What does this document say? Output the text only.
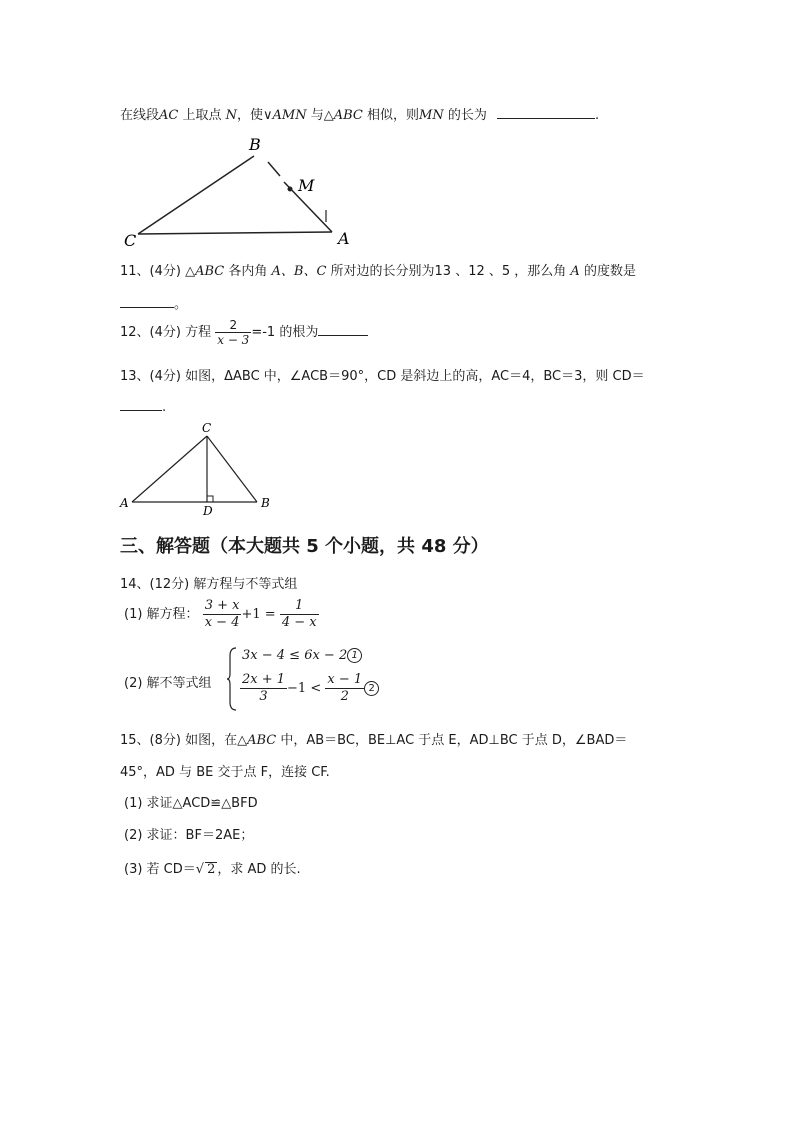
在线段AC 上取点 N，使∨AMN 与△ABC 相似，则MN 的长为	.
B
M
C	A
11、(4分) △ABC 各内角 A、B、C 所对边的长分别为13 、12 、5 ，那么角 A 的度数是
。
12、(4分) 方程 $\frac{2}{x - 3} =-1$ 的根为
13、(4分) 如图，ΔABC 中，∠ACB＝90°，CD 是斜边上的高，AC＝4，BC＝3，则 CD＝
.
C
A
D
B
三、解答题（本大题共 5 个小题，共 48 分）
14、(12分) 解方程与不等式组
(1) 解方程： $\frac{3 + x}{x - 4} +1 = \frac{1}{4 - x}$
(2) 解不等式组
3x − 4 ≤ 6x − 2 1
$\frac{2x + 1}{3} -1 < \frac{x - 1}{2} 2$
15、(8分) 如图，在△ABC 中，AB＝BC，BE⊥AC 于点 E，AD⊥BC 于点 D，∠BAD＝
45°，AD 与 BE 交于点 F，连接 CF.
(1) 求证△ACD≌△BFD
(2) 求证：BF＝2AE；
(3) 若 CD＝√ 2 ，求 AD 的长.
